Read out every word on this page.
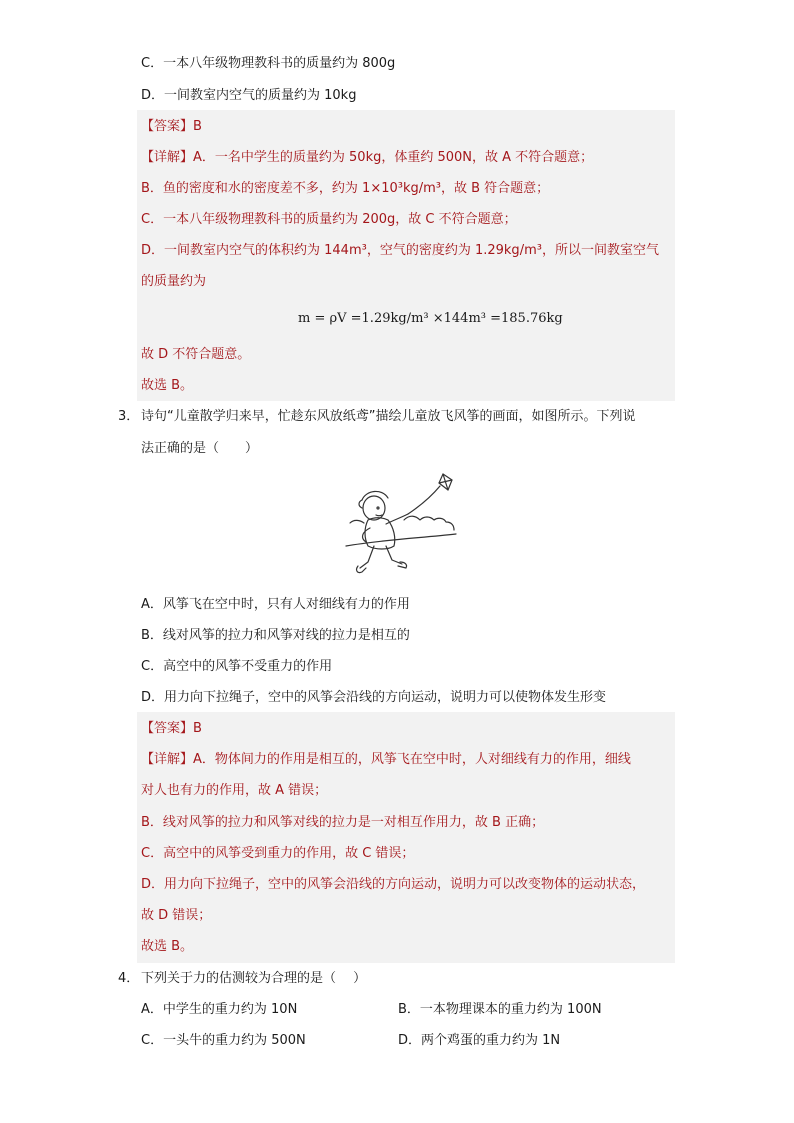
C．一本八年级物理教科书的质量约为 800g
D．一间教室内空气的质量约为 10kg
【答案】B
【详解】A．一名中学生的质量约为 50kg，体重约 500N，故 A 不符合题意；
B．鱼的密度和水的密度差不多，约为 1×10³kg/m³，故 B 符合题意；
C．一本八年级物理教科书的质量约为 200g，故 C 不符合题意；
D．一间教室内空气的体积约为 144m³，空气的密度约为 1.29kg/m³，所以一间教室空气
的质量约为
m = ρV =1.29kg/m³ ×144m³ =185.76kg
故 D 不符合题意。
故选 B。
3． 诗句“儿童散学归来早，忙趁东风放纸鸢”描绘儿童放飞风筝的画面，如图所示。下列说
法正确的是（　　）
A．风筝飞在空中时，只有人对细线有力的作用
B．线对风筝的拉力和风筝对线的拉力是相互的
C．高空中的风筝不受重力的作用
D．用力向下拉绳子，空中的风筝会沿线的方向运动，说明力可以使物体发生形变
【答案】B
【详解】A．物体间力的作用是相互的，风筝飞在空中时，人对细线有力的作用，细线
对人也有力的作用，故 A 错误；
B．线对风筝的拉力和风筝对线的拉力是一对相互作用力，故 B 正确；
C．高空中的风筝受到重力的作用，故 C 错误；
D．用力向下拉绳子，空中的风筝会沿线的方向运动，说明力可以改变物体的运动状态，
故 D 错误；
故选 B。
4． 下列关于力的估测较为合理的是（　 ）
A．中学生的重力约为 10N	B．一本物理课本的重力约为 100N
C．一头牛的重力约为 500N	D．两个鸡蛋的重力约为 1N
